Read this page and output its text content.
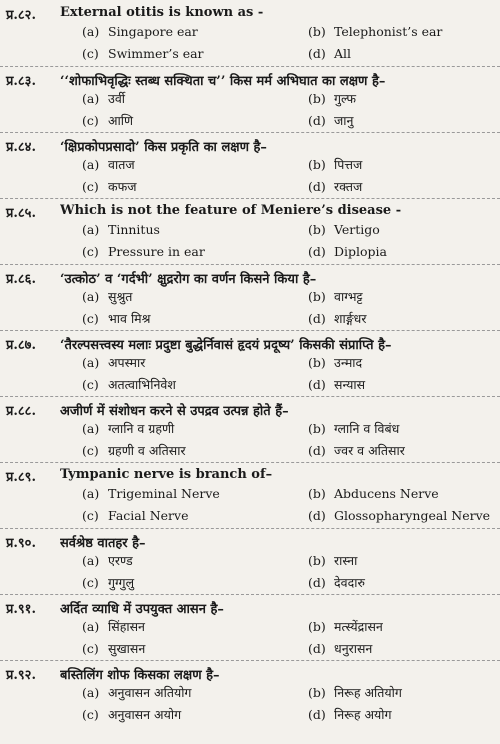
प्र.८२. External otitis is known as -
(a) Singapore ear	(b) Telephonist’s ear
(c) Swimmer’s ear	(d) All
प्र.८३. ‘‘शोफाभिवृद्धिः स्तब्ध सक्थिता च’’ किस मर्म अभिघात का लक्षण है–
(a) उर्वी	(b) गुल्फ
(c) आणि	(d) जानु
प्र.८४. ‘क्षिप्रकोपप्रसादो’ किस प्रकृति का लक्षण है–
(a) वातज	(b) पित्तज
(c) कफज	(d) रक्तज
प्र.८५. Which is not the feature of Meniere’s disease -
(a) Tinnitus	(b) Vertigo
(c) Pressure in ear	(d) Diplopia
प्र.८६. ‘उत्कोठ’ व ‘गर्दभी’ क्षुद्ररोग का वर्णन किसने किया है–
(a) सुश्रुत	(b) वाग्भट्ट
(c) भाव मिश्र	(d) शार्ङ्गधर
प्र.८७. ‘तैरल्पसत्त्वस्य मलाः प्रदुष्टा बुद्धेर्निवासं हृदयं प्रदूष्य’ किसकी संप्राप्ति है–
(a) अपस्मार	(b) उन्माद
(c) अतत्वाभिनिवेश	(d) सन्यास
प्र.८८. अजीर्ण में संशोधन करने से उपद्रव उत्पन्न होते हैं–
(a) ग्लानि व ग्रहणी	(b) ग्लानि व विबंध
(c) ग्रहणी व अतिसार	(d) ज्वर व अतिसार
प्र.८९. Tympanic nerve is branch of–
(a) Trigeminal Nerve	(b) Abducens Nerve
(c) Facial Nerve	(d) Glossopharyngeal Nerve
प्र.९०. सर्वश्रेष्ठ वातहर है–
(a) एरण्ड	(b) रास्ना
(c) गुग्गुलु	(d) देवदारु
प्र.९१. अर्दित व्याधि में उपयुक्त आसन है–
(a) सिंहासन	(b) मत्स्येंद्रासन
(c) सुखासन	(d) धनुरासन
प्र.९२. बस्तिलिंग शोफ किसका लक्षण है–
(a) अनुवासन अतियोग	(b) निरूह अतियोग
(c) अनुवासन अयोग	(d) निरूह अयोग
